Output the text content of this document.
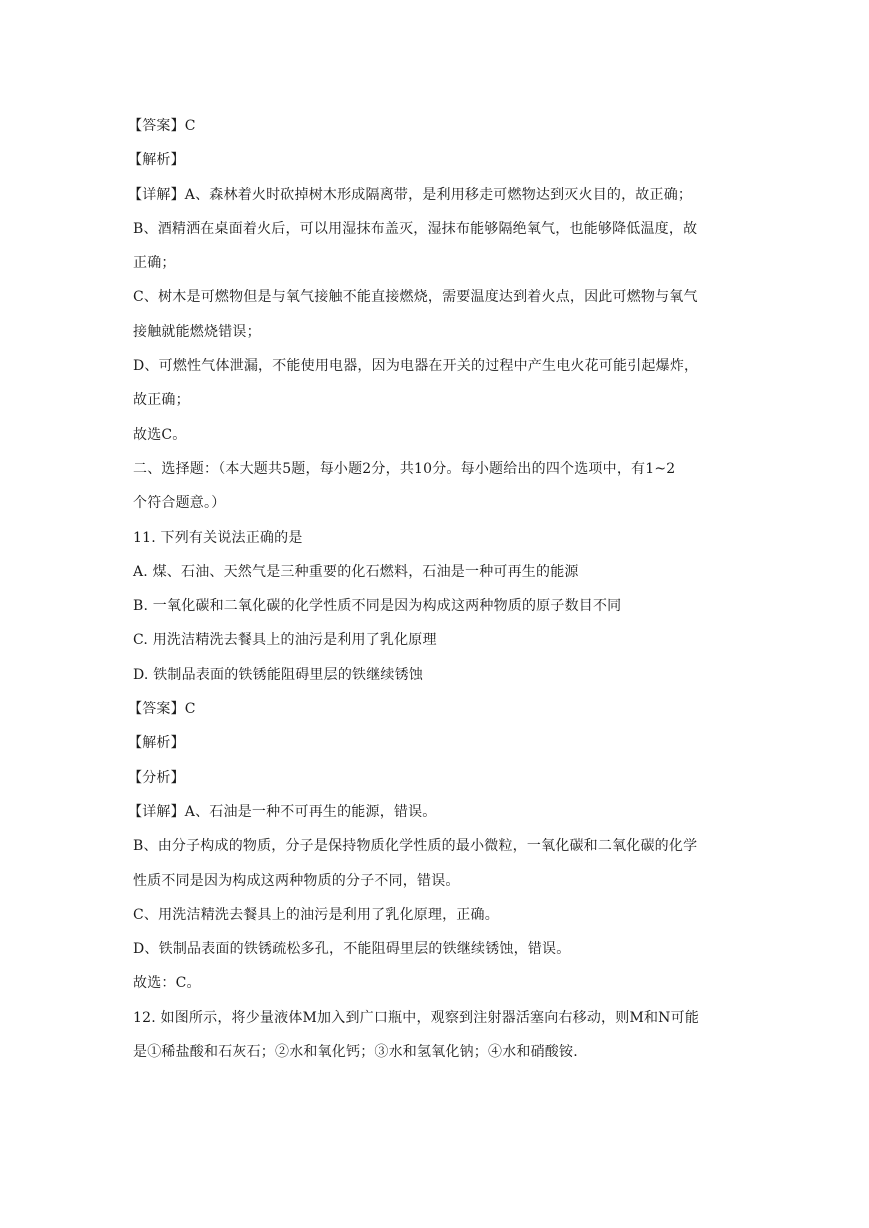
【答案】C
【解析】
【详解】A、森林着火时砍掉树木形成隔离带，是利用移走可燃物达到灭火目的，故正确；
B、酒精洒在桌面着火后，可以用湿抹布盖灭，湿抹布能够隔绝氧气，也能够降低温度，故
正确；
C、树木是可燃物但是与氧气接触不能直接燃烧，需要温度达到着火点，因此可燃物与氧气
接触就能燃烧错误；
D、可燃性气体泄漏，不能使用电器，因为电器在开关的过程中产生电火花可能引起爆炸，
故正确；
故选C。
二、选择题：（本大题共5题，每小题2分，共10分。每小题给出的四个选项中，有1~2
个符合题意。）
11. 下列有关说法正确的是
A. 煤、石油、天然气是三种重要的化石燃料，石油是一种可再生的能源
B. 一氧化碳和二氧化碳的化学性质不同是因为构成这两种物质的原子数目不同
C. 用洗洁精洗去餐具上的油污是利用了乳化原理
D. 铁制品表面的铁锈能阻碍里层的铁继续锈蚀
【答案】C
【解析】
【分析】
【详解】A、石油是一种不可再生的能源，错误。
B、由分子构成的物质，分子是保持物质化学性质的最小微粒，一氧化碳和二氧化碳的化学
性质不同是因为构成这两种物质的分子不同，错误。
C、用洗洁精洗去餐具上的油污是利用了乳化原理，正确。
D、铁制品表面的铁锈疏松多孔，不能阻碍里层的铁继续锈蚀，错误。
故选：C。
12. 如图所示，将少量液体M加入到广口瓶中，观察到注射器活塞向右移动，则M和N可能
是①稀盐酸和石灰石；②水和氧化钙；③水和氢氧化钠；④水和硝酸铵.
